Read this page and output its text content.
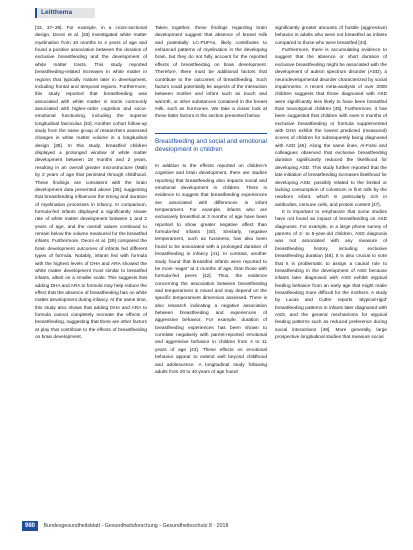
Leitthema

[33, 37–39]. For example, in a cross-sectional design, Deoni et al. [33] investigated white matter myelination from 10 months to 4 years of age and found a positive association between the duration of exclusive breastfeeding and the development of white matter tracts. This study reported breastfeeding-related increases in white matter in regions that typically mature later in development, including frontal and temporal regions. Furthermore, this study reported that breastfeeding was associated with white matter in tracts commonly associated with higher-order cognition and socio-emotional functioning, including the superior longitudinal fasciculus [33]. Another cohort follow-up study from the same group of researchers assessed changes in white matter volume in a longitudinal design [39]. In this study, breastfed children displayed a prolonged window of white matter development between 18 months and 2 years, resulting in an overall greater microstructure (Mali) by 2 years of age that persisted through childhood. These findings are consistent with the brain development data presented above [35], suggesting that breastfeeding influences the timing and duration of myelination processes in infancy. In comparison, formula-fed infants displayed a significantly slower rate of white matter development between 1 and 2 years of age, and the overall values continued to remain below the volume measured for the breastfed infants. Furthermore, Deoni et al. [39] compared the brain development outcomes of infants fed different types of formula. Notably, infants fed with formula with the highest levels of DHA and ARA showed the white matter development most similar to breastfed infants, albeit on a smaller scale. This suggests that adding DHA and ARA to formula may help reduce the effect that the absence of breastfeeding has on white matter development during infancy. At the same time, this study also shows that adding DHA and ARA to formula cannot completely recreate the effects of breastfeeding, suggesting that there are other factors at play that contribute to the effects of breastfeeding on brain development.

Taken together, these findings regarding brain development suggest that absence of breast milk and potentially LC-PUFAs, likely contributes to enhanced patterns of myelination in the developing brain, but they do not fully account for the reported effects of breastfeeding on brain development. Therefore, there must be additional factors that contribute to the outcomes of breastfeeding. Such factors could potentially be aspects of the interaction between mother and infant such as touch and warmth, or other substances contained in the breast milk, such as hormones. We take a closer look at these latter factors in the section presented below.

Breastfeeding and social and emotional development in children

In addition to the effects reported on children's cognitive and brain development, there are studies reporting that breastfeeding also impacts social and emotional development in children. There is evidence to suggest that breastfeeding experiences are associated with differences in infant temperament. For example, infants who are exclusively breastfed at 3 months of age have been reported to show greater negative affect than formula-fed infants [40]. Similarly, negative temperament, such as fussiness, has also been found to be associated with a prolonged duration of breastfeeding in infancy [41]. In contrast, another study found that breastfed infants were reported to be more 'eager' at 3 months of age, than those with formula-fed peers [42]. Thus, the evidence concerning the association between breastfeeding and temperament is mixed and may depend on the specific temperament dimension assessed. There is also research indicating a negative association between breastfeeding and experiences of aggressive behavior. For example, duration of breastfeeding experiences has been shown to correlate negatively with parent-reported emotional and aggressive behavior in children from 4 to 11 years of age [43]. These effects on emotional behavior appear to extend well beyond childhood and adolescence. A longitudinal study following adults from 20 to 40 years of age found

significantly greater amounts of hostile (aggressive) behavior in adults who were not breastfed as infants compared to those who were breastfed [44].

Furthermore, there is accumulating evidence to suggest that the absence or short duration of exclusive breastfeeding might be associated with the development of autism spectrum disorder (ASD), a neurodevelopmental disorder characterized by social impairments. A recent meta-analysis of over 2000 children suggests that those diagnosed with ASD were significantly less likely to have been breastfed than neurotypical children [45]. Furthermore, it has been suggested that children with even 6 months of exclusive breastfeeding or formula supplemented with DHA exhibit the lowest predicted (measured) scores of children for subsequently being diagnosed with ASD [46]. Along the same lines, Al-Farsi and colleagues observed that exclusive breastfeeding duration significantly reduced the likelihood for developing ASD. This study further reported that the late initiation of breastfeeding increases likelihood for developing ASD, possibly related to the limited or lacking consumption of colostrum in first milk by the newborn infant, which is particularly rich in antibodies, immune cells, and protein content [47].

It is important to emphasize that some studies have not found an impact of breastfeeding on ASD diagnoses. For example, in a large phone survey of parents of 2- to 5-year-old children, ASD diagnosis was not associated with any measure of breastfeeding history, including exclusive breastfeeding duration [48]. It is also crucial to note that it is problematic to assign a causal role to breastfeeding in the development of ASD because infants later diagnosed with ASD exhibit atypical feeding behavior from an early age that might make breastfeeding more difficult for the mothers. A study by Lucas and Cutler reports 'atypical-rigid' breastfeeding patterns in infants later diagnosed with ASD, and the general mechanisms for atypical feeding patterns such as reduced preference during social interactions [49]. More generally, large prospective longitudinal studies that measure social

980 Bundesgesundheitsblatt - Gesundheitsforschung - Gesundheitsschutz 8 · 2018
